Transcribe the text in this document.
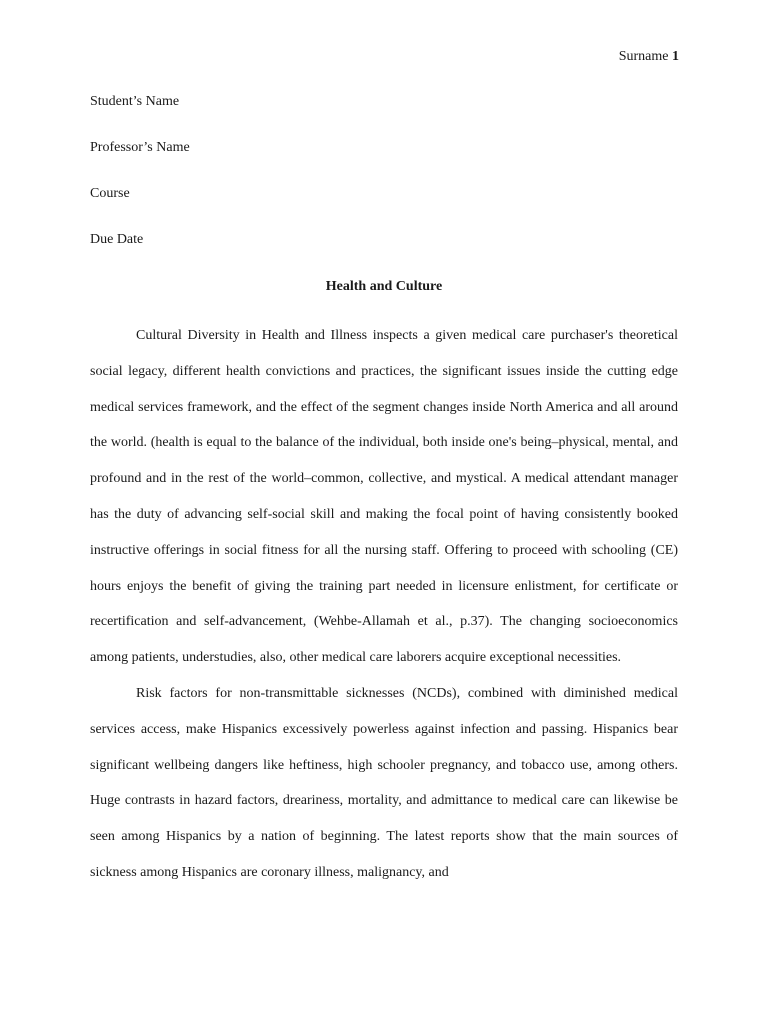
Surname 1
Student’s Name
Professor’s Name
Course
Due Date
Health and Culture

Cultural Diversity in Health and Illness inspects a given medical care purchaser's theoretical social legacy, different health convictions and practices, the significant issues inside the cutting edge medical services framework, and the effect of the segment changes inside North America and all around the world. (health is equal to the balance of the individual, both inside one's being–physical, mental, and profound and in the rest of the world–common, collective, and mystical. A medical attendant manager has the duty of advancing self-social skill and making the focal point of having consistently booked instructive offerings in social fitness for all the nursing staff. Offering to proceed with schooling (CE) hours enjoys the benefit of giving the training part needed in licensure enlistment, for certificate or recertification and self-advancement, (Wehbe-Allamah et al., p.37). The changing socioeconomics among patients, understudies, also, other medical care laborers acquire exceptional necessities.

Risk factors for non-transmittable sicknesses (NCDs), combined with diminished medical services access, make Hispanics excessively powerless against infection and passing. Hispanics bear significant wellbeing dangers like heftiness, high schooler pregnancy, and tobacco use, among others. Huge contrasts in hazard factors, dreariness, mortality, and admittance to medical care can likewise be seen among Hispanics by a nation of beginning. The latest reports show that the main sources of sickness among Hispanics are coronary illness, malignancy, and
